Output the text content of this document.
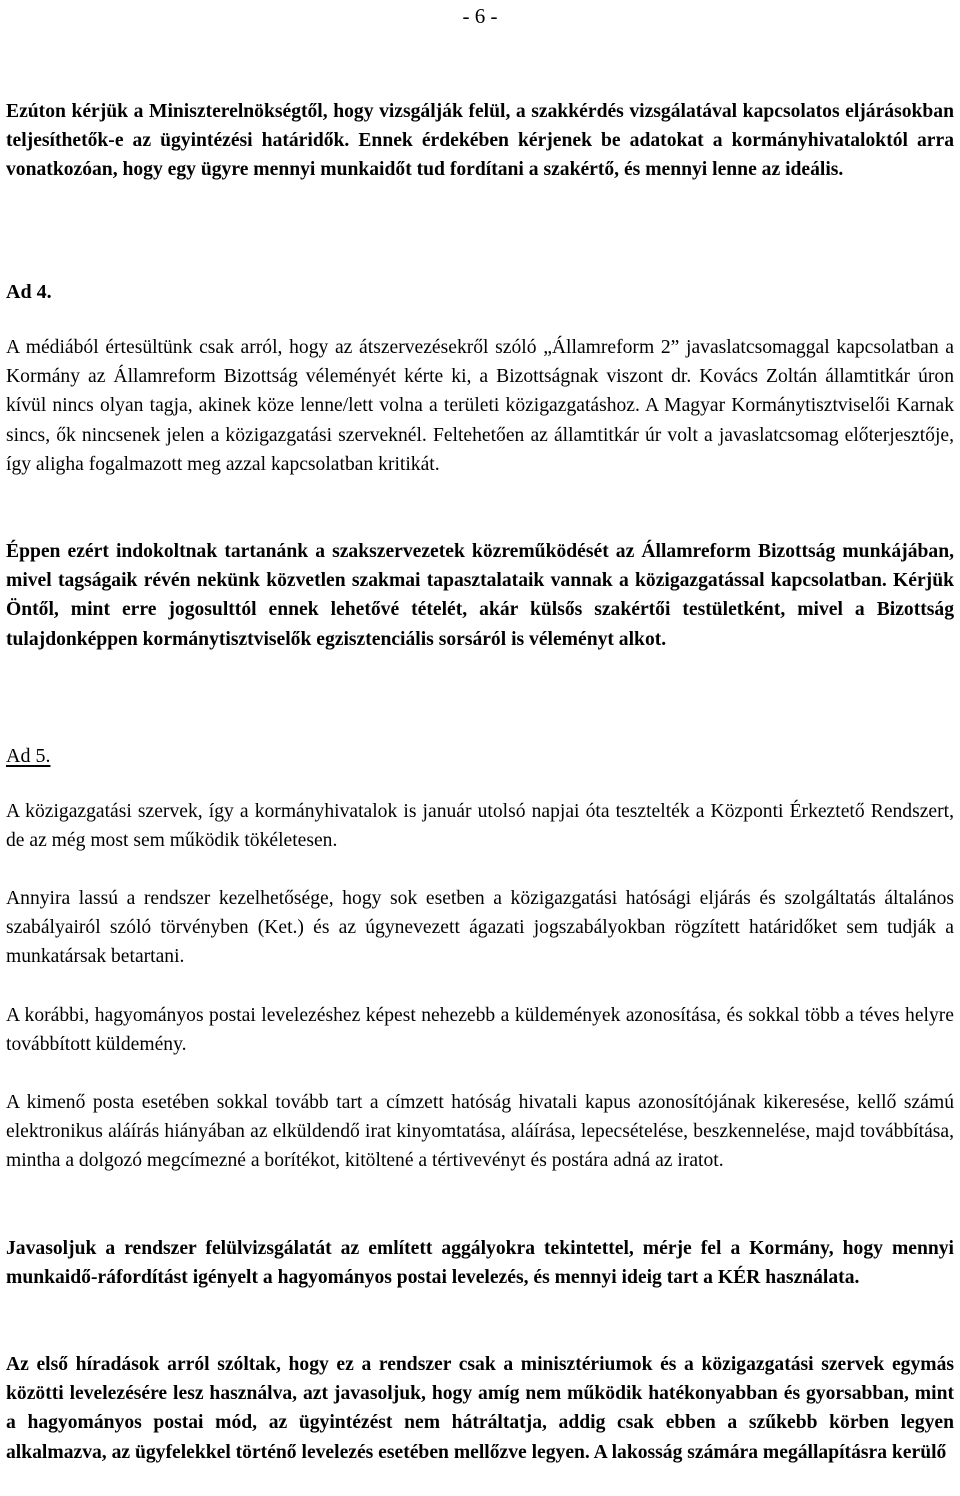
- 6 -

Ezúton kérjük a Miniszterelnökségtől, hogy vizsgálják felül, a szakkérdés vizsgálatával kapcsolatos eljárásokban teljesíthetők-e az ügyintézési határidők. Ennek érdekében kérjenek be adatokat a kormányhivataloktól arra vonatkozóan, hogy egy ügyre mennyi munkaidőt tud fordítani a szakértő, és mennyi lenne az ideális.

Ad 4.

A médiából értesültünk csak arról, hogy az átszervezésekről szóló „Államreform 2” javaslatcsomaggal kapcsolatban a Kormány az Államreform Bizottság véleményét kérte ki, a Bizottságnak viszont dr. Kovács Zoltán államtitkár úron kívül nincs olyan tagja, akinek köze lenne/lett volna a területi közigazgatáshoz. A Magyar Kormánytisztviselői Karnak sincs, ők nincsenek jelen a közigazgatási szerveknél. Feltehetően az államtitkár úr volt a javaslatcsomag előterjesztője, így aligha fogalmazott meg azzal kapcsolatban kritikát.

Éppen ezért indokoltnak tartanánk a szakszervezetek közreműködését az Államreform Bizottság munkájában, mivel tagságaik révén nekünk közvetlen szakmai tapasztalataik vannak a közigazgatással kapcsolatban. Kérjük Öntől, mint erre jogosulttól ennek lehetővé tételét, akár külsős szakértői testületként, mivel a Bizottság tulajdonképpen kormánytisztviselők egzisztenciális sorsáról is véleményt alkot.

Ad 5.

A közigazgatási szervek, így a kormányhivatalok is január utolsó napjai óta tesztelték a Központi Érkeztető Rendszert, de az még most sem működik tökéletesen.

Annyira lassú a rendszer kezelhetősége, hogy sok esetben a közigazgatási hatósági eljárás és szolgáltatás általános szabályairól szóló törvényben (Ket.) és az úgynevezett ágazati jogszabályokban rögzített határidőket sem tudják a munkatársak betartani.

A korábbi, hagyományos postai levelezéshez képest nehezebb a küldemények azonosítása, és sokkal több a téves helyre továbbított küldemény.

A kimenő posta esetében sokkal tovább tart a címzett hatóság hivatali kapus azonosítójának kikeresése, kellő számú elektronikus aláírás hiányában az elküldendő irat kinyomtatása, aláírása, lepecsételése, beszkennelése, majd továbbítása, mintha a dolgozó megcímezné a borítékot, kitöltené a tértivevényt és postára adná az iratot.

Javasoljuk a rendszer felülvizsgálatát az említett aggályokra tekintettel, mérje fel a Kormány, hogy mennyi munkaidő-ráfordítást igényelt a hagyományos postai levelezés, és mennyi ideig tart a KÉR használata.

Az első híradások arról szóltak, hogy ez a rendszer csak a minisztériumok és a közigazgatási szervek egymás közötti levelezésére lesz használva, azt javasoljuk, hogy amíg nem működik hatékonyabban és gyorsabban, mint a hagyományos postai mód, az ügyintézést nem hátráltatja, addig csak ebben a szűkebb körben legyen alkalmazva, az ügyfelekkel történő levelezés esetében mellőzve legyen. A lakosság számára megállapításra kerülő
